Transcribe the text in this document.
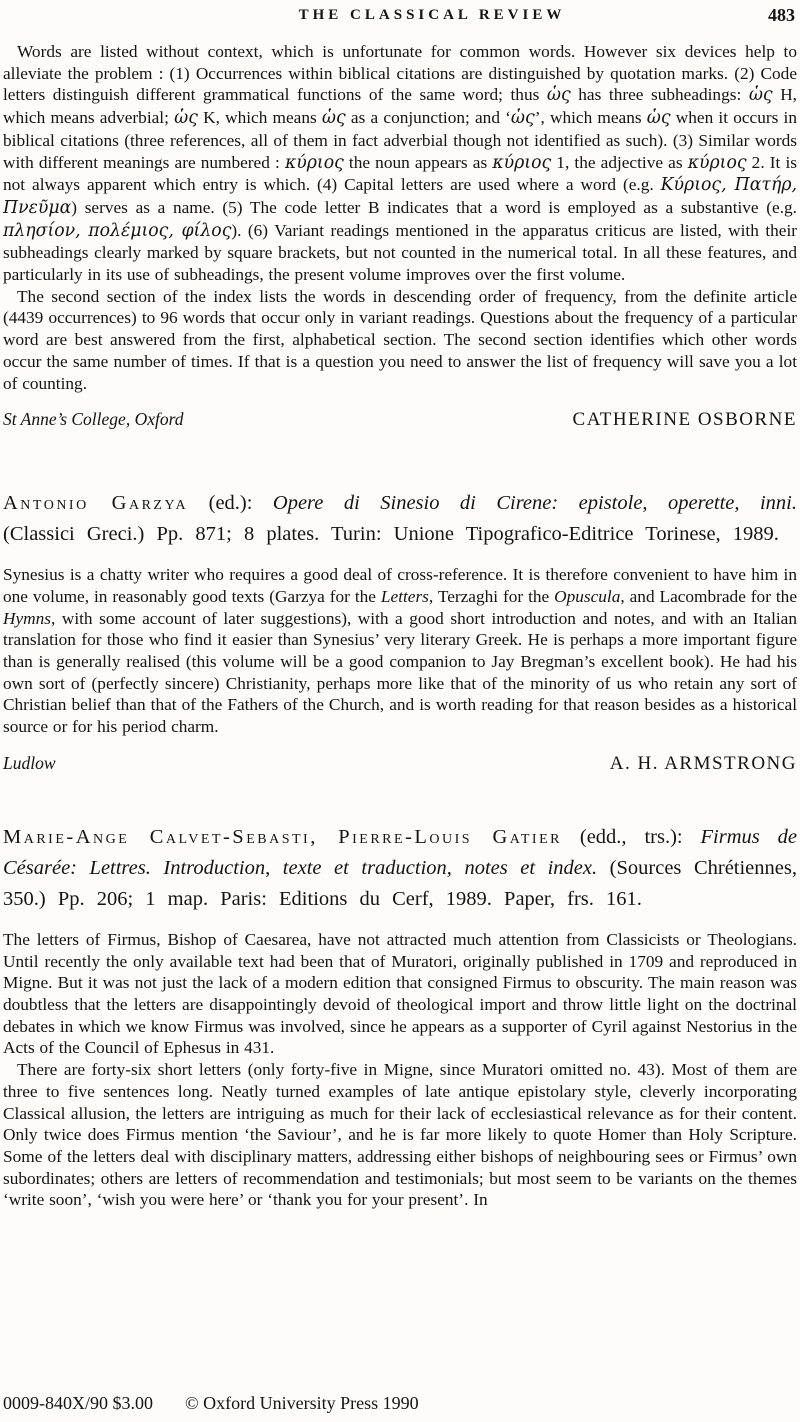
THE CLASSICAL REVIEW	483

Words are listed without context, which is unfortunate for common words. However six devices help to alleviate the problem : (1) Occurrences within biblical citations are distinguished by quotation marks. (2) Code letters distinguish different grammatical functions of the same word; thus ὡς has three subheadings: ὡς H, which means adverbial; ὡς K, which means ὡς as a conjunction; and ‘ὡς’, which means ὡς when it occurs in biblical citations (three references, all of them in fact adverbial though not identified as such). (3) Similar words with different meanings are numbered : κύριος the noun appears as κύριος 1, the adjective as κύριος 2. It is not always apparent which entry is which. (4) Capital letters are used where a word (e.g. Κύριος, Πατήρ, Πνεῦμα) serves as a name. (5) The code letter B indicates that a word is employed as a substantive (e.g. πλησίον, πολέμιος, φίλος). (6) Variant readings mentioned in the apparatus criticus are listed, with their subheadings clearly marked by square brackets, but not counted in the numerical total. In all these features, and particularly in its use of subheadings, the present volume improves over the first volume.

The second section of the index lists the words in descending order of frequency, from the definite article (4439 occurrences) to 96 words that occur only in variant readings. Questions about the frequency of a particular word are best answered from the first, alphabetical section. The second section identifies which other words occur the same number of times. If that is a question you need to answer the list of frequency will save you a lot of counting.

St Anne’s College, Oxford	CATHERINE OSBORNE
Antonio Garzya (ed.): Opere di Sinesio di Cirene: epistole, operette, inni. (Classici Greci.) Pp. 871; 8 plates. Turin: Unione Tipografico-Editrice Torinese, 1989.

Synesius is a chatty writer who requires a good deal of cross-reference. It is therefore convenient to have him in one volume, in reasonably good texts (Garzya for the Letters, Terzaghi for the Opuscula, and Lacombrade for the Hymns, with some account of later suggestions), with a good short introduction and notes, and with an Italian translation for those who find it easier than Synesius’ very literary Greek. He is perhaps a more important figure than is generally realised (this volume will be a good companion to Jay Bregman’s excellent book). He had his own sort of (perfectly sincere) Christianity, perhaps more like that of the minority of us who retain any sort of Christian belief than that of the Fathers of the Church, and is worth reading for that reason besides as a historical source or for his period charm.

Ludlow	A. H. ARMSTRONG
Marie-Ange Calvet-Sebasti, Pierre-Louis Gatier (edd., trs.): Firmus de Césarée: Lettres. Introduction, texte et traduction, notes et index. (Sources Chrétiennes, 350.) Pp. 206; 1 map. Paris: Editions du Cerf, 1989. Paper, frs. 161.

The letters of Firmus, Bishop of Caesarea, have not attracted much attention from Classicists or Theologians. Until recently the only available text had been that of Muratori, originally published in 1709 and reproduced in Migne. But it was not just the lack of a modern edition that consigned Firmus to obscurity. The main reason was doubtless that the letters are disappointingly devoid of theological import and throw little light on the doctrinal debates in which we know Firmus was involved, since he appears as a supporter of Cyril against Nestorius in the Acts of the Council of Ephesus in 431.

There are forty-six short letters (only forty-five in Migne, since Muratori omitted no. 43). Most of them are three to five sentences long. Neatly turned examples of late antique epistolary style, cleverly incorporating Classical allusion, the letters are intriguing as much for their lack of ecclesiastical relevance as for their content. Only twice does Firmus mention ‘the Saviour’, and he is far more likely to quote Homer than Holy Scripture. Some of the letters deal with disciplinary matters, addressing either bishops of neighbouring sees or Firmus’ own subordinates; others are letters of recommendation and testimonials; but most seem to be variants on the themes ‘write soon’, ‘wish you were here’ or ‘thank you for your present’. In

0009-840X/90 $3.00 © Oxford University Press 1990
